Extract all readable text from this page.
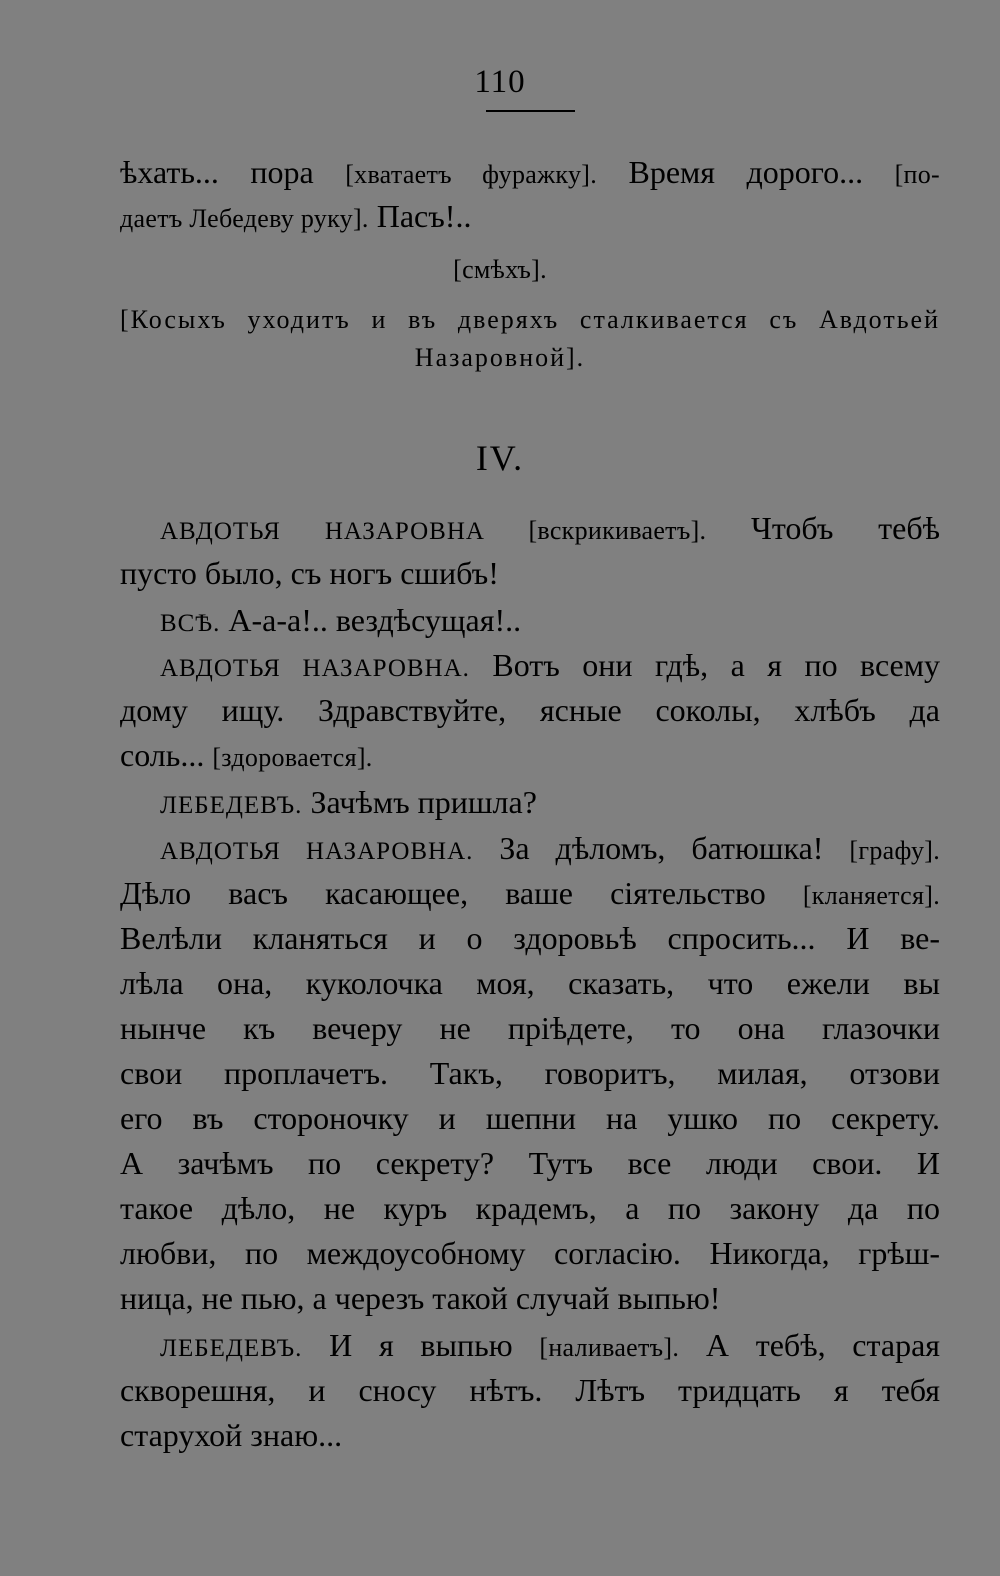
110
ѣхать... пора [хватаетъ фуражку]. Время дорого... [по-
даетъ Лебедеву руку]. Пасъ!..
[смѣхъ].
[Косыхъ уходитъ и въ дверяхъ сталкивается съ Авдотьей
Назаровной].
IV.
АВДОТЬЯ НАЗАРОВНА [вскрикиваетъ]. Чтобъ тебѣ
пусто было, съ ногъ сшибъ!
ВСѢ. А-а-а!.. вездѣсущая!..
АВДОТЬЯ НАЗАРОВНА. Вотъ они гдѣ, а я по всему
дому ищу. Здравствуйте, ясные соколы, хлѣбъ да
соль... [здоровается].
ЛЕБЕДЕВЪ. Зачѣмъ пришла?
АВДОТЬЯ НАЗАРОВНА. За дѣломъ, батюшка! [графу].
Дѣло васъ касающее, ваше сіятельство [кланяется].
Велѣли кланяться и о здоровьѣ спросить... И ве-
лѣла она, куколочка моя, сказать, что ежели вы
нынче къ вечеру не пріѣдете, то она глазочки
свои проплачетъ. Такъ, говоритъ, милая, отзови
его въ стороночку и шепни на ушко по секрету.
А зачѣмъ по секрету? Тутъ все люди свои. И
такое дѣло, не куръ крадемъ, а по закону да по
любви, по междоусобному согласію. Никогда, грѣш-
ница, не пью, а черезъ такой случай выпью!
ЛЕБЕДЕВЪ. И я выпью [наливаетъ]. А тебѣ, старая
скворешня, и сносу нѣтъ. Лѣтъ тридцать я тебя
старухой знаю...
